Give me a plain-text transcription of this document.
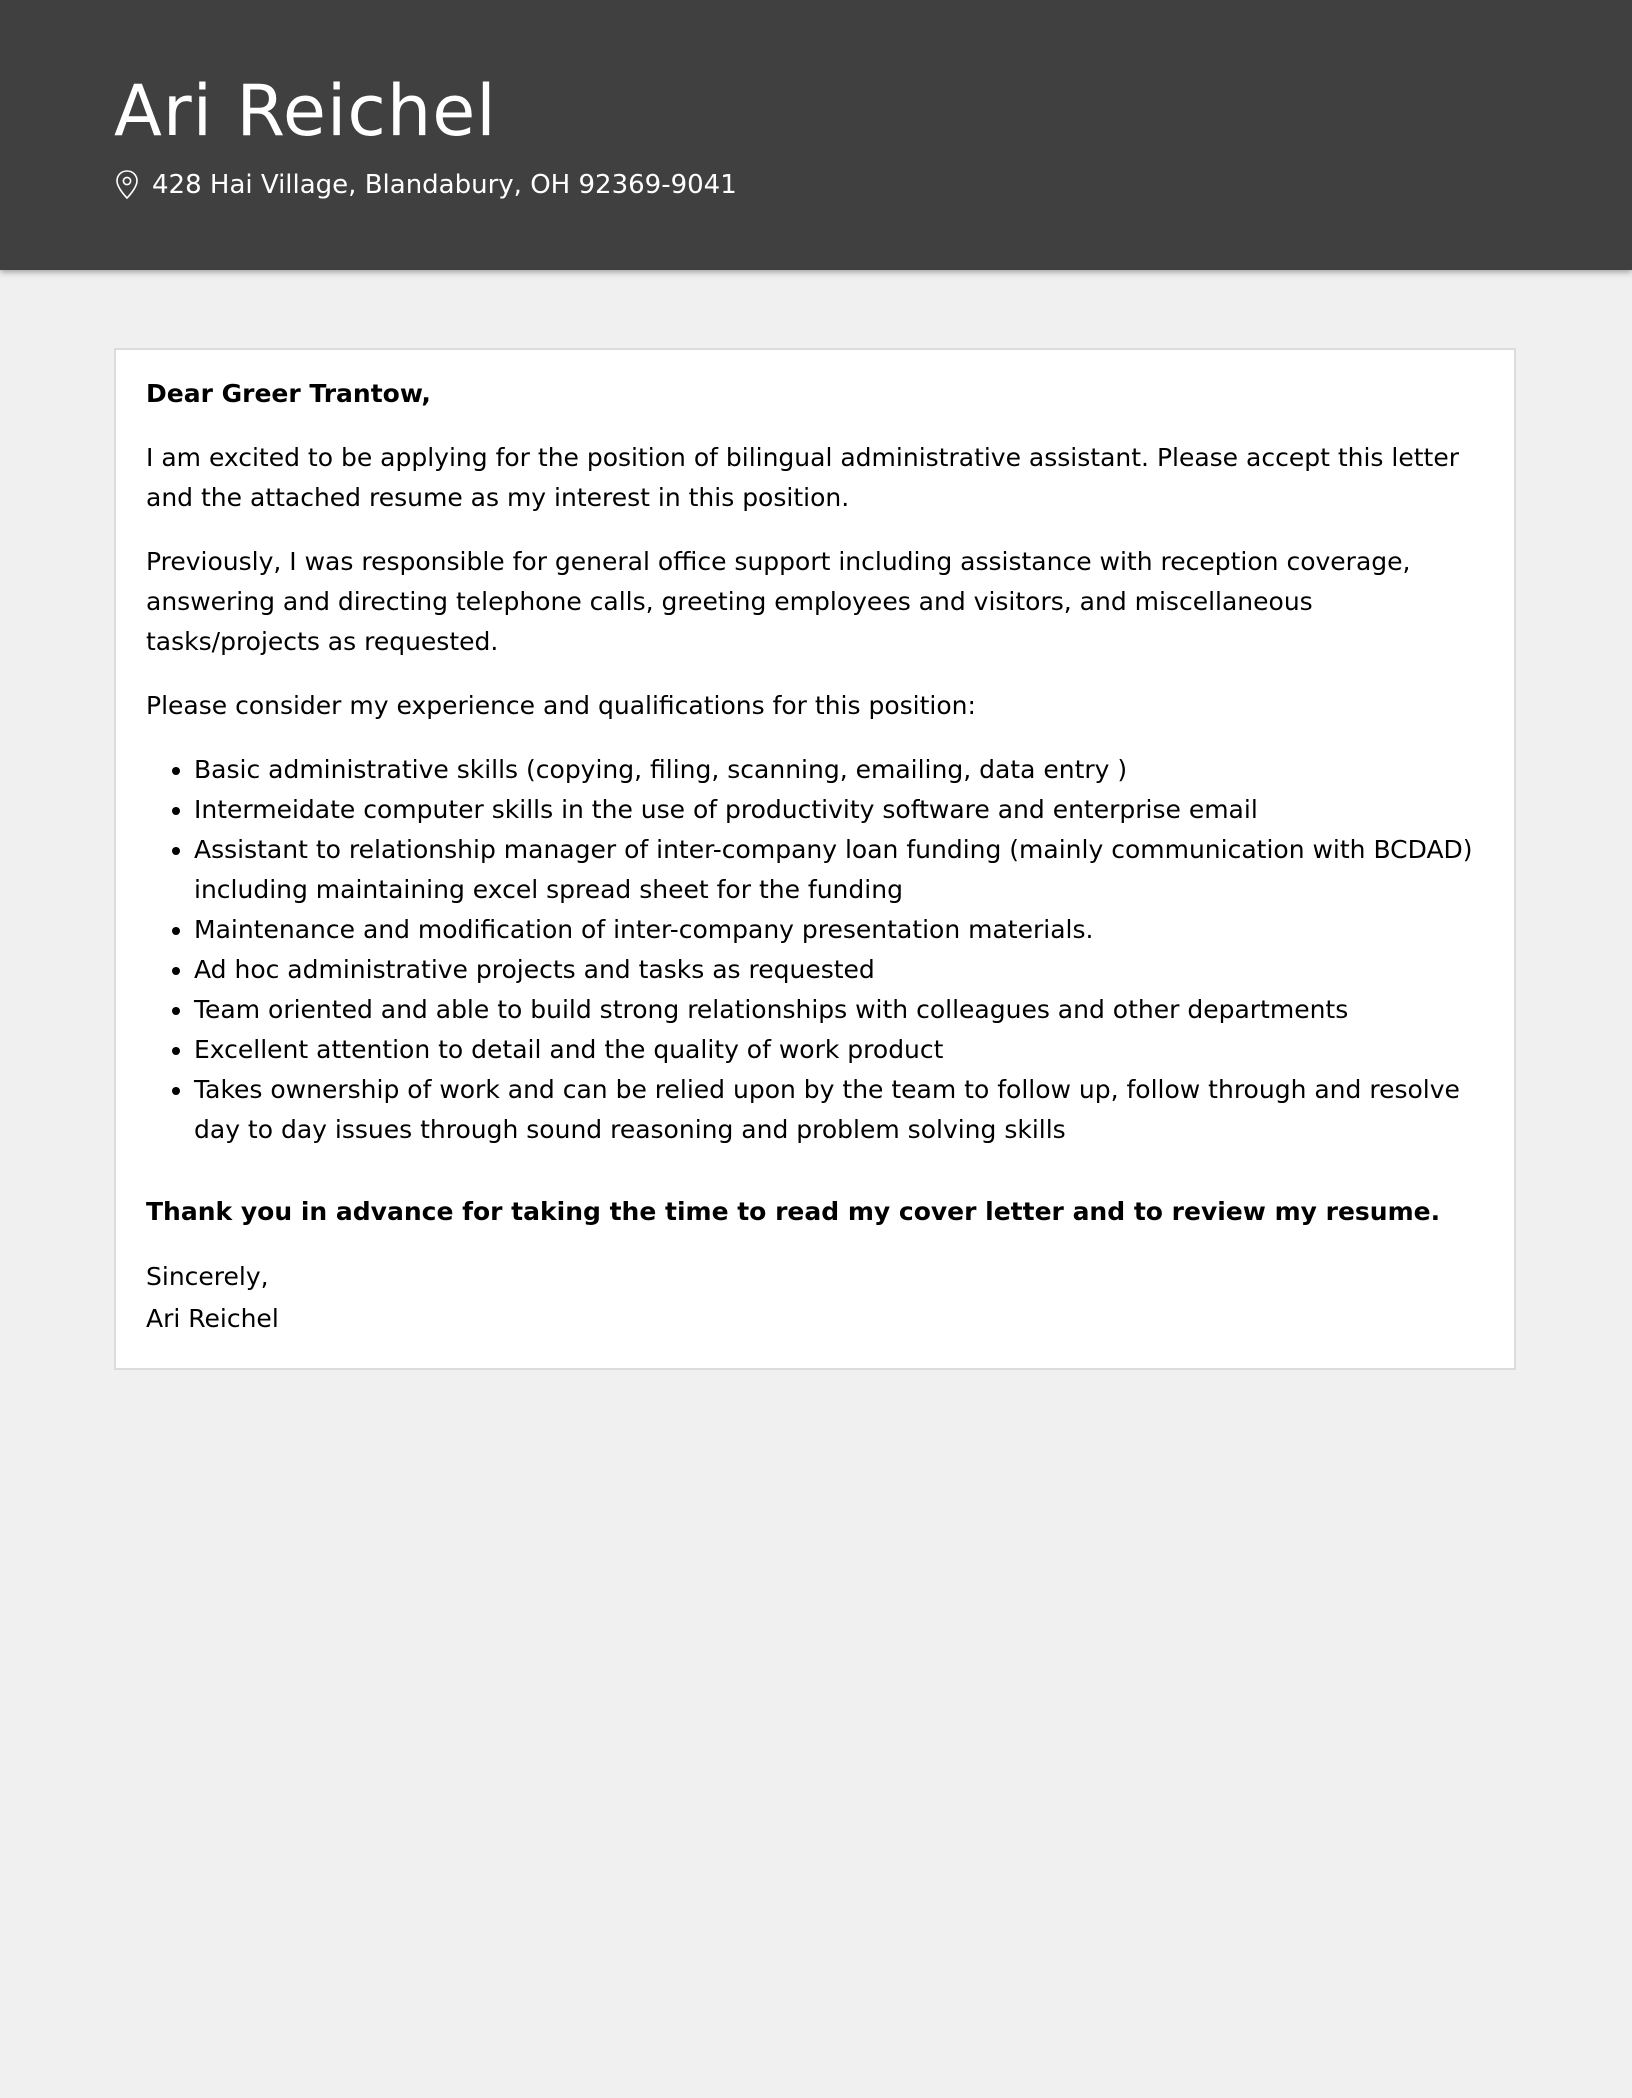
Ari Reichel
428 Hai Village, Blandabury, OH 92369-9041

Dear Greer Trantow,

I am excited to be applying for the position of bilingual administrative assistant. Please accept this letter and the attached resume as my interest in this position.

Previously, I was responsible for general office support including assistance with reception coverage, answering and directing telephone calls, greeting employees and visitors, and miscellaneous tasks/projects as requested.

Please consider my experience and qualifications for this position:

• Basic administrative skills (copying, filing, scanning, emailing, data entry )
• Intermeidate computer skills in the use of productivity software and enterprise email
• Assistant to relationship manager of inter-company loan funding (mainly communication with BCDAD) including maintaining excel spread sheet for the funding
• Maintenance and modification of inter-company presentation materials.
• Ad hoc administrative projects and tasks as requested
• Team oriented and able to build strong relationships with colleagues and other departments
• Excellent attention to detail and the quality of work product
• Takes ownership of work and can be relied upon by the team to follow up, follow through and resolve day to day issues through sound reasoning and problem solving skills

Thank you in advance for taking the time to read my cover letter and to review my resume.

Sincerely,
Ari Reichel
